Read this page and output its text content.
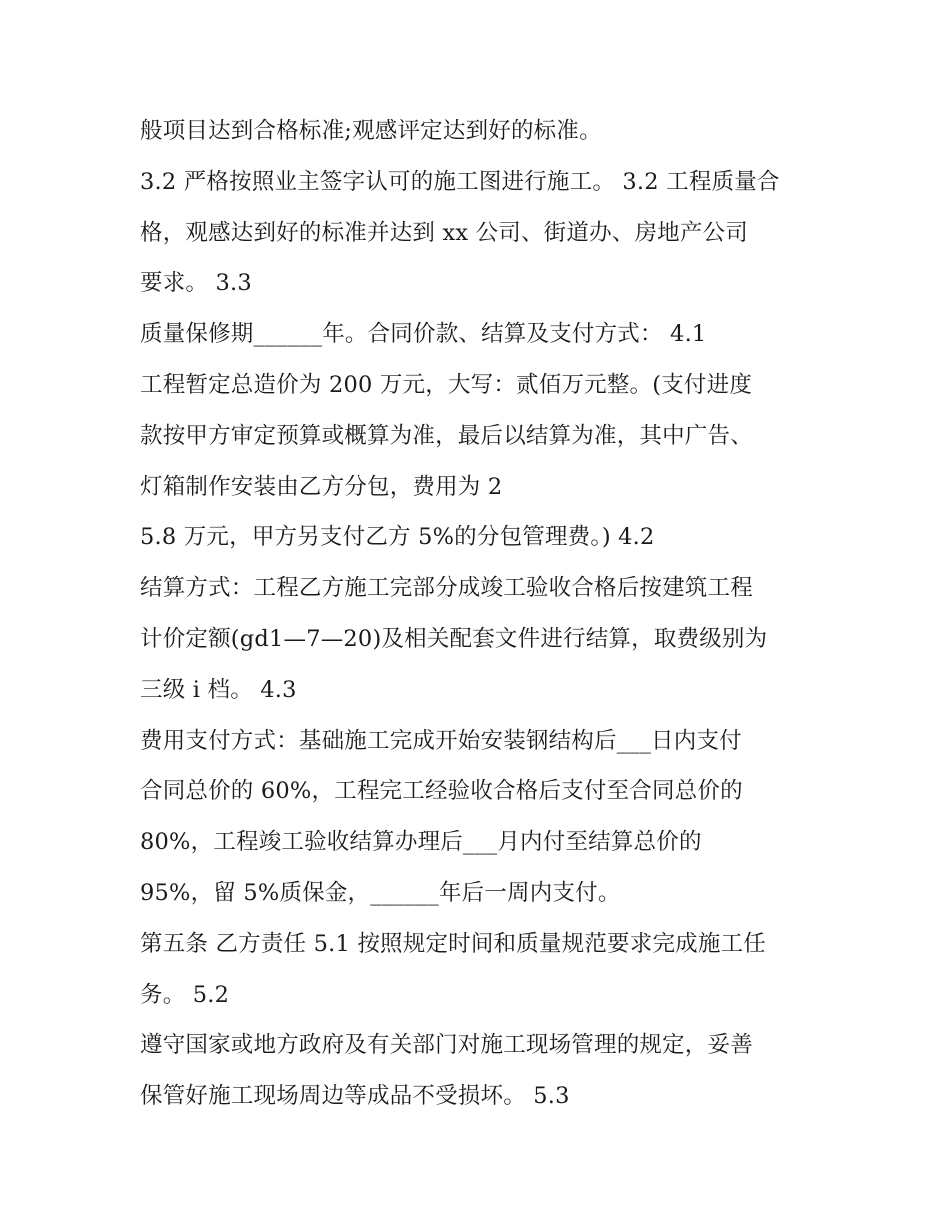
般项目达到合格标准;观感评定达到好的标准。
3.2 严格按照业主签字认可的施工图进行施工。 3.2 工程质量合
格，观感达到好的标准并达到 xx 公司、街道办、房地产公司
要求。 3.3
质量保修期______年。合同价款、结算及支付方式： 4.1
工程暂定总造价为 200 万元，大写：贰佰万元整。(支付进度
款按甲方审定预算或概算为准，最后以结算为准，其中广告、
灯箱制作安装由乙方分包，费用为 2
5.8 万元，甲方另支付乙方 5%的分包管理费。) 4.2
结算方式：工程乙方施工完部分成竣工验收合格后按建筑工程
计价定额(gd1—7—20)及相关配套文件进行结算，取费级别为
三级 i 档。 4.3
费用支付方式：基础施工完成开始安装钢结构后___日内支付
合同总价的 60%，工程完工经验收合格后支付至合同总价的
80%，工程竣工验收结算办理后___月内付至结算总价的
95%，留 5%质保金，______年后一周内支付。
第五条 乙方责任 5.1 按照规定时间和质量规范要求完成施工任
务。 5.2
遵守国家或地方政府及有关部门对施工现场管理的规定，妥善
保管好施工现场周边等成品不受损坏。 5.3
